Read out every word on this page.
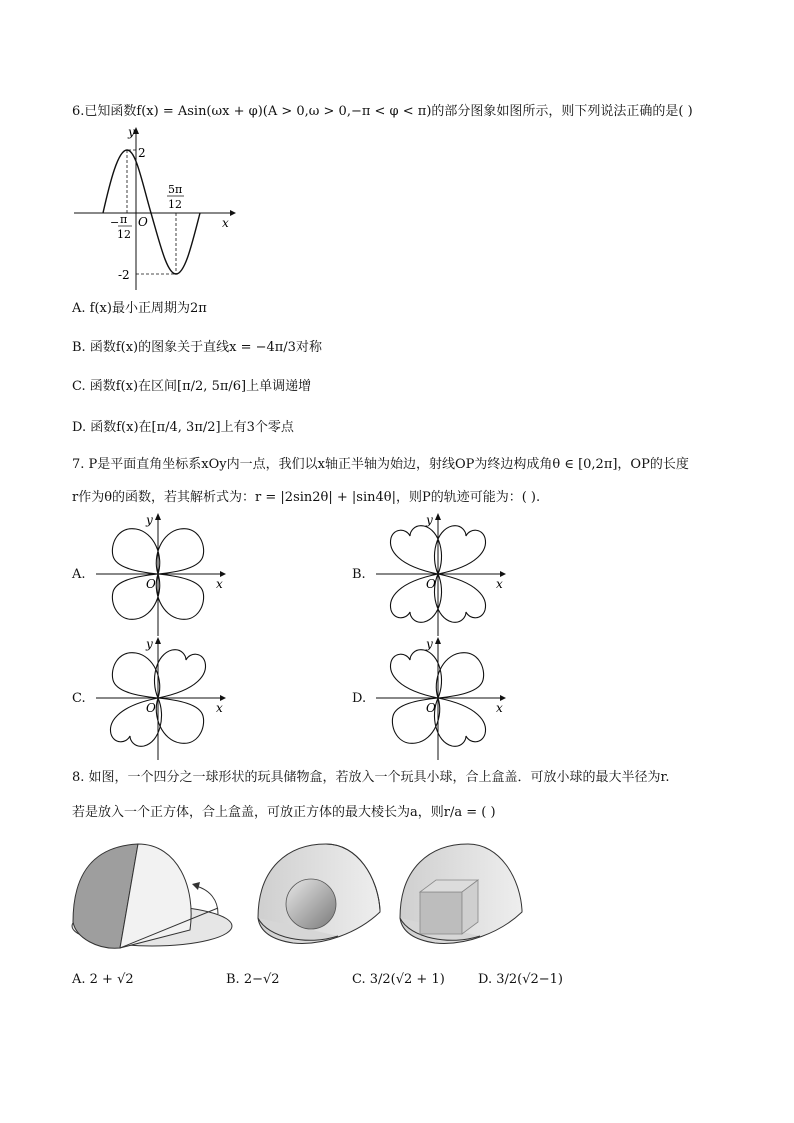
6.已知函数f(x) = Asin(ωx + φ)(A > 0,ω > 0,−π < φ < π)的部分图象如图所示，则下列说法正确的是( )
y
x
O
2
-2
− π
12
5π
12
A. f(x)最小正周期为2π
B. 函数f(x)的图象关于直线x = −4π/3对称
C. 函数f(x)在区间[π/2, 5π/6]上单调递增
D. 函数f(x)在[π/4, 3π/2]上有3个零点
7. P是平面直角坐标系xOy内一点，我们以x轴正半轴为始边，射线OP为终边构成角θ ∈ [0,2π]，OP的长度
r作为θ的函数，若其解析式为：r = |2sin2θ| + |sin4θ|，则P的轨迹可能为：( ).
A.
y
x
O
B.
y
x
O
C.
y
x
O
D.
y
x
O
8. 如图，一个四分之一球形状的玩具储物盒，若放入一个玩具小球，合上盒盖．可放小球的最大半径为r.
若是放入一个正方体，合上盒盖，可放正方体的最大棱长为a，则r/a = ( )
A. 2 + √2	B. 2−√2	C. 3/2(√2 + 1)	D. 3/2(√2−1)
